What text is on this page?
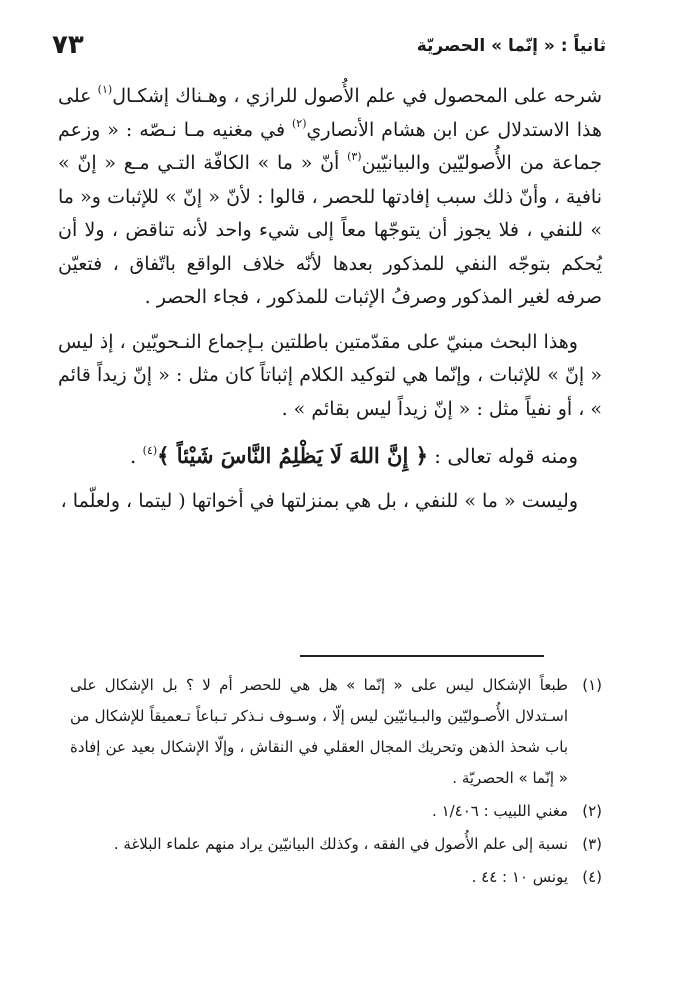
ثانياً : « إنّما » الحصريّة
٧٣

شرحه على المحصول في علم الأُصول للرازي ، وهـناك إشكـال$^{(١)}$ على هذا الاستدلال عن ابن هشام الأنصاري$^{(٢)}$ في مغنيه مـا نـصّه : « وزعم جماعة من الأُصوليّين والبيانيّين$^{(٣)}$ أنّ « ما » الكافّة التـي مـع « إنّ » نافية ، وأنّ ذلك سبب إفادتها للحصر ، قالوا : لأنّ « إنّ » للإثبات و« ما » للنفي ، فلا يجوز أن يتوجّها معاً إلى شيء واحد لأنه تناقض ، ولا أن يُحكم بتوجّه النفي للمذكور بعدها لأنّه خلاف الواقع باتّفاق ، فتعيّن صرفه لغير المذكور وصرفُ الإثبات للمذكور ، فجاء الحصر .

وهذا البحث مبنيّ على مقدّمتين باطلتين بـإجماع النـحويّين ، إذ ليس « إنّ » للإثبات ، وإنّما هي لتوكيد الكلام إثباتاً كان مثل : « إنّ زيداً قائم » ، أو نفياً مثل : « إنّ زيداً ليس بقائم » .

ومنه قوله تعالى : ﴿ إِنَّ اللهَ لَا يَظْلِمُ النَّاسَ شَيْئاً ﴾$^{(٤)}$ .

وليست « ما » للنفي ، بل هي بمنزلتها في أخواتها ( ليتما ، ولعلّما ،

(١)
طبعاً الإشكال ليس على « إنّما » هل هي للحصر أم لا ؟ بل الإشكال على اسـتدلال الأُصـوليّين والبـيانيّين ليس إلّا ، وسـوف نـذكر تـباعاً تـعميقاً للإشكال من باب شحذ الذهن وتحريك المجال العقلي في النقاش ، وإلّا الإشكال بعيد عن إفادة « إنّما » الحصريّة .
(٢)
مغني اللبيب : ١/٤٠٦ .
(٣)
نسبة إلى علم الأُصول في الفقه ، وكذلك البيانيّين يراد منهم علماء البلاغة .
(٤)
يونس ١٠ : ٤٤ .
